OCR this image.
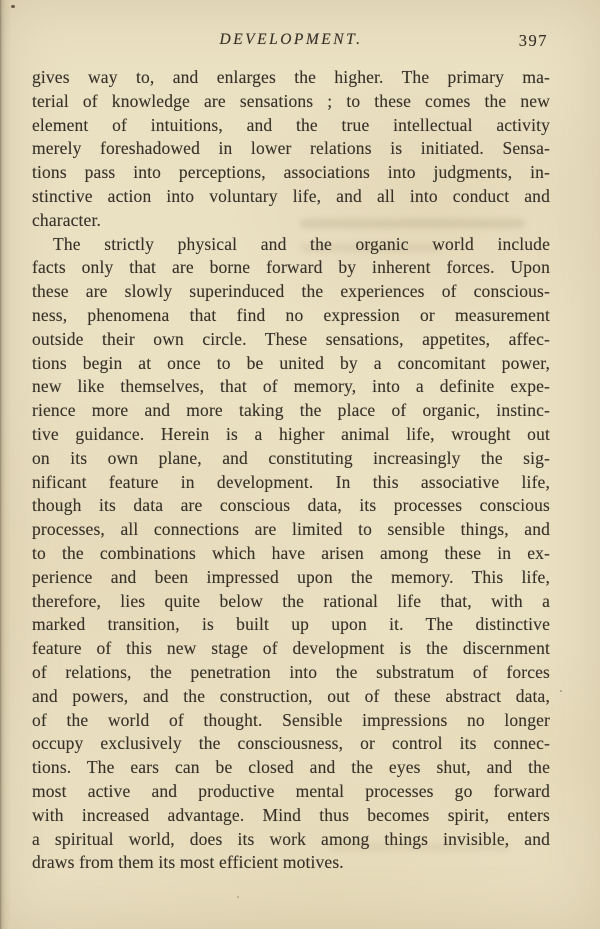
DEVELOPMENT.	397
gives way to, and enlarges the higher. The primary ma-
terial of knowledge are sensations ; to these comes the new
element of intuitions, and the true intellectual activity
merely foreshadowed in lower relations is initiated. Sensa-
tions pass into perceptions, associations into judgments, in-
stinctive action into voluntary life, and all into conduct and
character.
The strictly physical and the organic world include
facts only that are borne forward by inherent forces. Upon
these are slowly superinduced the experiences of conscious-
ness, phenomena that find no expression or measurement
outside their own circle. These sensations, appetites, affec-
tions begin at once to be united by a concomitant power,
new like themselves, that of memory, into a definite expe-
rience more and more taking the place of organic, instinc-
tive guidance. Herein is a higher animal life, wrought out
on its own plane, and constituting increasingly the sig-
nificant feature in development. In this associative life,
though its data are conscious data, its processes conscious
processes, all connections are limited to sensible things, and
to the combinations which have arisen among these in ex-
perience and been impressed upon the memory. This life,
therefore, lies quite below the rational life that, with a
marked transition, is built up upon it. The distinctive
feature of this new stage of development is the discernment
of relations, the penetration into the substratum of forces
and powers, and the construction, out of these abstract data,
of the world of thought. Sensible impressions no longer
occupy exclusively the consciousness, or control its connec-
tions. The ears can be closed and the eyes shut, and the
most active and productive mental processes go forward
with increased advantage. Mind thus becomes spirit, enters
a spiritual world, does its work among things invisible, and
draws from them its most efficient motives.
